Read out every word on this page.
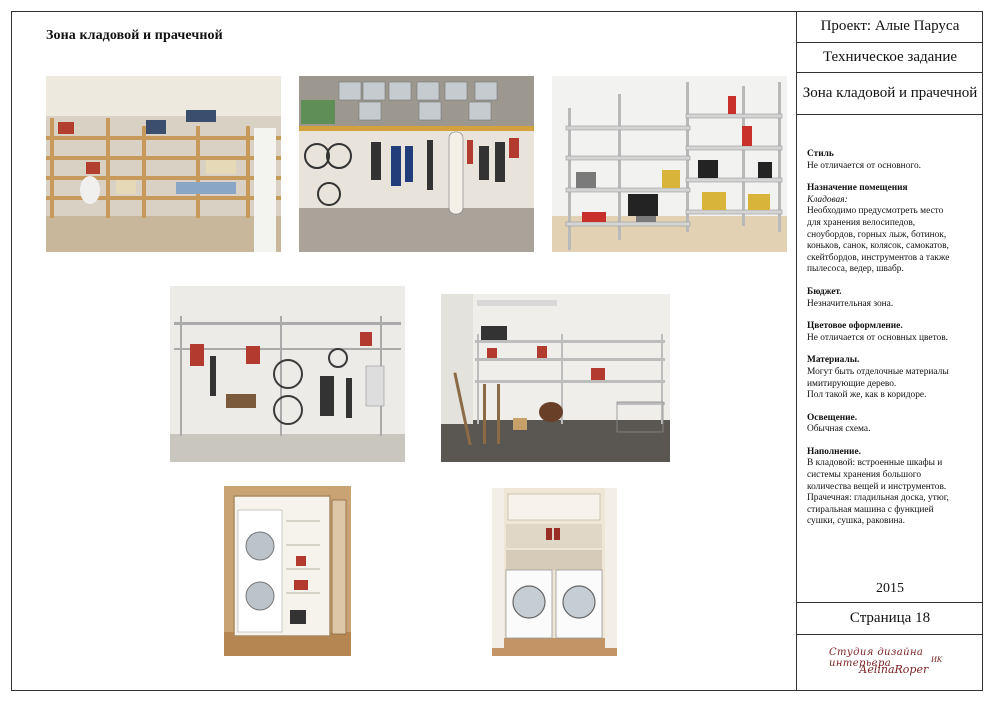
Зона кладовой и прачечной
Проект: Алые Паруса
Техническое задание
Зона кладовой и прачечной
Стиль
Не отличается от основного.
Назначение помещения
Кладовая:
Необходимо предусмотреть место
для хранения велосипедов,
сноубордов, горных лыж, ботинок,
коньков, санок, колясок, самокатов,
скейтбордов, инструментов а также
пылесоса, ведер, швабр.
Бюджет.
Незначительная зона.
Цветовое оформление.
Не отличается от основных цветов.
Материалы.
Могут быть отделочные материалы
имитирующие дерево.
Пол такой же, как в коридоре.
Освещение.
Обычная схема.
Наполнение.
В кладовой: встроенные шкафы и
системы хранения большого
количества вещей и инструментов.
Прачечная: гладильная доска, утюг,
стиральная машина с функцией
сушки, сушка, раковина.
2015
Страница 18
Студия дизайна интерьера	ИК
АelinaRoper
